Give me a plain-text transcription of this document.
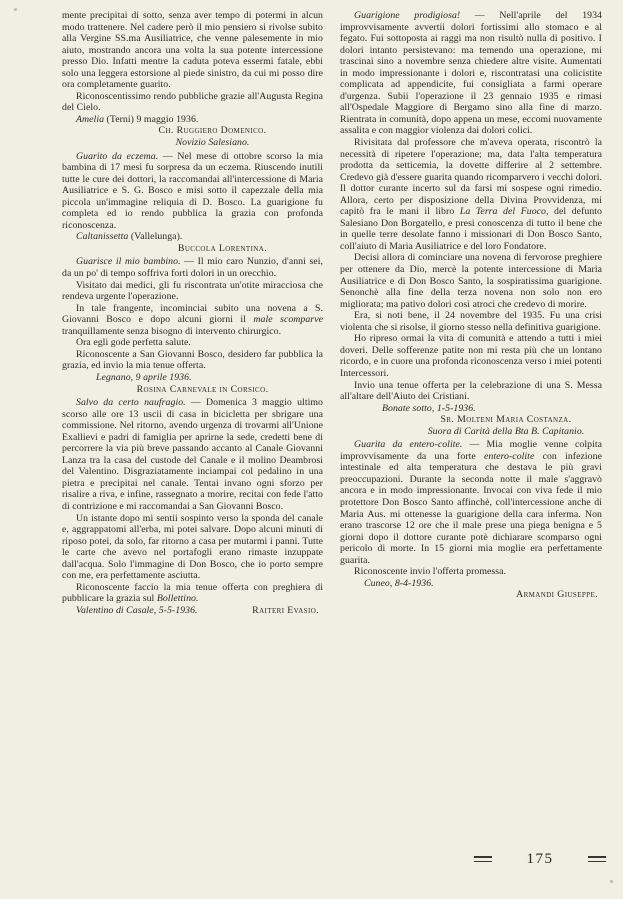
mente precipitai di sotto, senza aver tempo di potermi in alcun modo trattenere. Nel cadere però il mio pensiero si rivolse subito alla Vergine SS.ma Ausiliatrice, che venne palesemente in mio aiuto, mostrando ancora una volta la sua potente intercessione presso Dio. Infatti mentre la caduta poteva essermi fatale, ebbi solo una leggera estorsione al piede sinistro, da cui mi posso dire ora completamente guarito.

Riconoscentissimo rendo pubbliche grazie all'Augusta Regina del Cielo.

Amelia (Terni) 9 maggio 1936.

Ch. Ruggiero Domenico.

Novizio Salesiano.

Guarito da eczema. — Nel mese di ottobre scorso la mia bambina di 17 mesi fu sorpresa da un eczema. Riuscendo inutili tutte le cure dei dottori, la raccomandai all'intercessione di Maria Ausiliatrice e S. G. Bosco e misi sotto il capezzale della mia piccola un'immagine reliquia di D. Bosco. La guarigione fu completa ed io rendo pubblica la grazia con profonda riconoscenza.

Caltanissetta (Vallelunga).

Buccola Lorentina.

Guarisce il mio bambino. — Il mio caro Nunzio, d'anni sei, da un po' di tempo soffriva forti dolori in un orecchio.

Visitato dai medici, gli fu riscontrata un'otite miracciosa che rendeva urgente l'operazione.

In tale frangente, incominciai subito una novena a S. Giovanni Bosco e dopo alcuni giorni il male scomparve tranquillamente senza bisogno di intervento chirurgico.

Ora egli gode perfetta salute.

Riconoscente a San Giovanni Bosco, desidero far pubblica la grazia, ed invio la mia tenue offerta.

Legnano, 9 aprile 1936.

Rosina Carnevale in Corsico.

Salvo da certo naufragio. — Domenica 3 maggio ultimo scorso alle ore 13 uscii di casa in bicicletta per sbrigare una commissione. Nel ritorno, avendo urgenza di trovarmi all'Unione Exallievi e padri di famiglia per aprirne la sede, credetti bene di percorrere la via più breve passando accanto al Canale Giovanni Lanza tra la casa del custode del Canale e il molino Deambrosi del Valentino. Disgraziatamente inciampai col pedalino in una pietra e precipitai nel canale. Tentai invano ogni sforzo per risalire a riva, e infine, rassegnato a morire, recitai con fede l'atto di contrizione e mi raccomandai a San Giovanni Bosco.

Un istante dopo mi sentii sospinto verso la sponda del canale e, aggrappatomi all'erba, mi potei salvare. Dopo alcuni minuti di riposo potei, da solo, far ritorno a casa per mutarmi i panni. Tutte le carte che avevo nel portafogli erano rimaste inzuppate dall'acqua. Solo l'immagine di Don Bosco, che io porto sempre con me, era perfettamente asciutta.

Riconoscente faccio la mia tenue offerta con preghiera di pubblicare la grazia sul Bollettino.

Valentino di Casale, 5-5-1936.	Raiteri Evasio.

Guarigione prodigiosa! — Nell'aprile del 1934 improvvisamente avvertii dolori fortissimi allo stomaco e al fegato. Fui sottoposta ai raggi ma non risultò nulla di positivo. I dolori intanto persistevano: ma temendo una operazione, mi trascinai sino a novembre senza chiedere altre visite. Aumentati in modo impressionante i dolori e, riscontratasi una colicistite complicata ad appendicite, fui consigliata a farmi operare d'urgenza. Subii l'operazione il 23 gennaio 1935 e rimasi all'Ospedale Maggiore di Bergamo sino alla fine di marzo. Rientrata in comunità, dopo appena un mese, eccomi nuovamente assalita e con maggior violenza dai dolori colici.

Rivisitata dal professore che m'aveva operata, riscontrò la necessità di ripetere l'operazione; ma, data l'alta temperatura prodotta da setticemia, la dovette differire al 2 settembre. Credevo già d'essere guarita quando ricomparvero i vecchi dolori. Il dottor curante incerto sul da farsi mi sospese ogni rimedio. Allora, certo per disposizione della Divina Provvidenza, mi capitò fra le mani il libro La Terra del Fuoco, del defunto Salesiano Don Borgatello, e presi conoscenza di tutto il bene che in quelle terre desolate fanno i missionari di Don Bosco Santo, coll'aiuto di Maria Ausiliatrice e del loro Fondatore.

Decisi allora di cominciare una novena di fervorose preghiere per ottenere da Dio, mercè la potente intercessione di Maria Ausiliatrice e di Don Bosco Santo, la sospiratissima guarigione. Senonchè alla fine della terza novena non solo non ero migliorata; ma pativo dolori così atroci che credevo di morire.

Era, si noti bene, il 24 novembre del 1935. Fu una crisi violenta che si risolse, il giorno stesso nella definitiva guarigione.

Ho ripreso ormai la vita di comunità e attendo a tutti i miei doveri. Delle sofferenze patite non mi resta più che un lontano ricordo, e in cuore una profonda riconoscenza verso i miei potenti Intercessori.

Invio una tenue offerta per la celebrazione di una S. Messa all'altare dell'Aiuto dei Cristiani.

Bonate sotto, 1-5-1936.

Sr. Molteni Maria Costanza.

Suora di Carità della Bta B. Capitanio.

Guarita da entero-colite. — Mia moglie venne colpita improvvisamente da una forte entero-colite con infezione intestinale ed alta temperatura che destava le più gravi preoccupazioni. Durante la seconda notte il male s'aggravò ancora e in modo impressionante. Invocai con viva fede il mio protettore Don Bosco Santo affinchè, coll'intercessione anche di Maria Aus. mi ottenesse la guarigione della cara inferma. Non erano trascorse 12 ore che il male prese una piega benigna e 5 giorni dopo il dottore curante potè dichiarare scomparso ogni pericolo di morte. In 15 giorni mia moglie era perfettamente guarita.

Riconoscente invio l'offerta promessa.

Cuneo, 8-4-1936.

Armandi Giuseppe.

175
